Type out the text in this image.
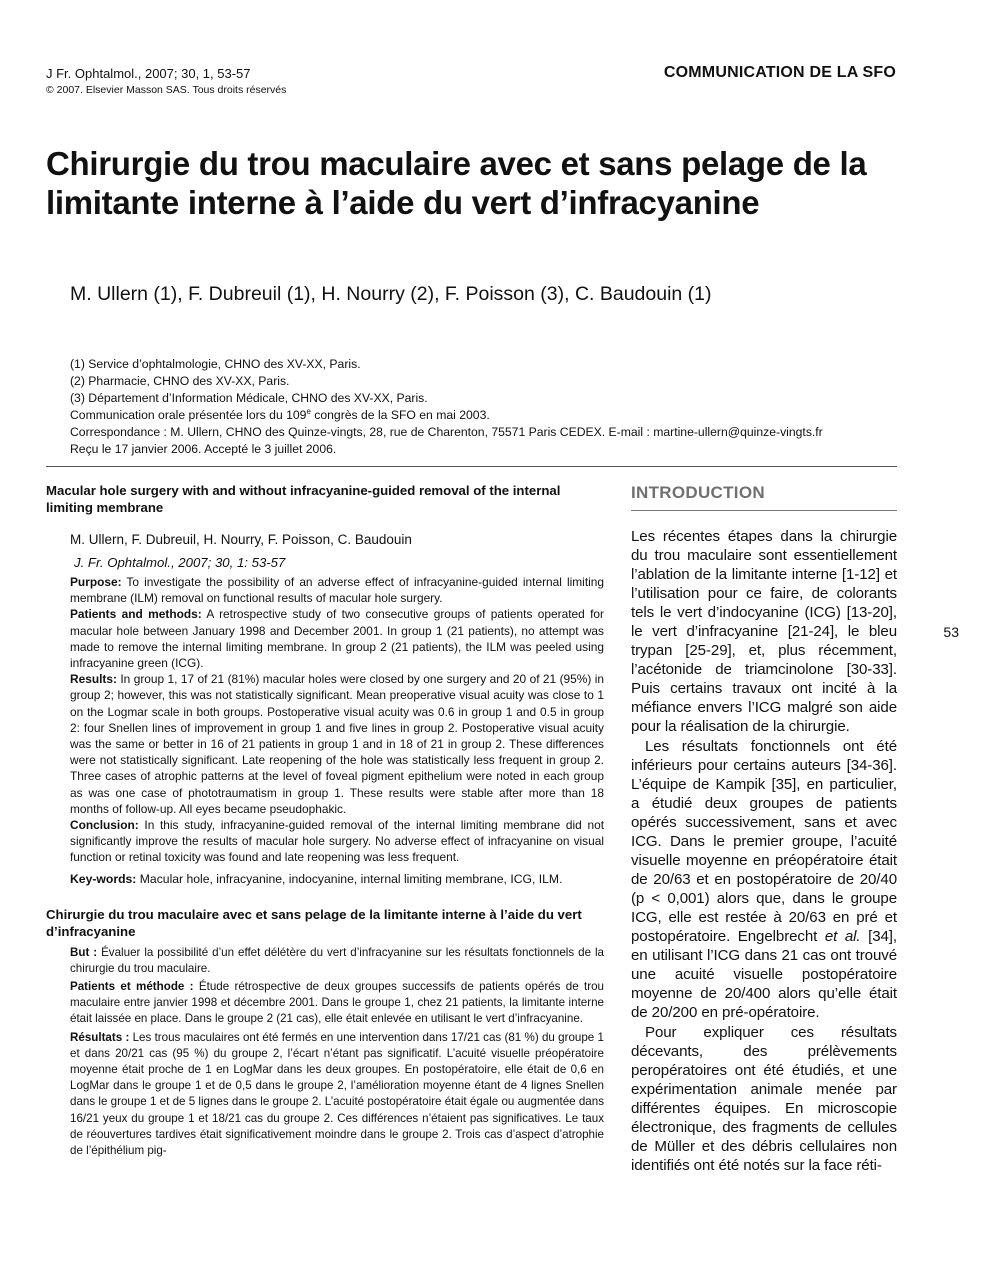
J Fr. Ophtalmol., 2007; 30, 1, 53-57
© 2007. Elsevier Masson SAS. Tous droits réservés
COMMUNICATION DE LA SFO
Chirurgie du trou maculaire avec et sans pelage de la limitante interne à l’aide du vert d’infracyanine
M. Ullern (1), F. Dubreuil (1), H. Nourry (2), F. Poisson (3), C. Baudouin (1)
(1) Service d’ophtalmologie, CHNO des XV-XX, Paris.
(2) Pharmacie, CHNO des XV-XX, Paris.
(3) Département d’Information Médicale, CHNO des XV-XX, Paris.
Communication orale présentée lors du 109e congrès de la SFO en mai 2003.
Correspondance : M. Ullern, CHNO des Quinze-vingts, 28, rue de Charenton, 75571 Paris CEDEX. E-mail : martine-ullern@quinze-vingts.fr
Reçu le 17 janvier 2006. Accepté le 3 juillet 2006.
Macular hole surgery with and without infracyanine-guided removal of the internal limiting membrane
M. Ullern, F. Dubreuil, H. Nourry, F. Poisson, C. Baudouin
J. Fr. Ophtalmol., 2007; 30, 1: 53-57

Purpose: To investigate the possibility of an adverse effect of infracyanine-guided internal limiting membrane (ILM) removal on functional results of macular hole surgery.

Patients and methods: A retrospective study of two consecutive groups of patients operated for macular hole between January 1998 and December 2001. In group 1 (21 patients), no attempt was made to remove the internal limiting membrane. In group 2 (21 patients), the ILM was peeled using infracyanine green (ICG).

Results: In group 1, 17 of 21 (81%) macular holes were closed by one surgery and 20 of 21 (95%) in group 2; however, this was not statistically significant. Mean preoperative visual acuity was close to 1 on the Logmar scale in both groups. Postoperative visual acuity was 0.6 in group 1 and 0.5 in group 2: four Snellen lines of improvement in group 1 and five lines in group 2. Postoperative visual acuity was the same or better in 16 of 21 patients in group 1 and in 18 of 21 in group 2. These differences were not statistically significant. Late reopening of the hole was statistically less frequent in group 2. Three cases of atrophic patterns at the level of foveal pigment epithelium were noted in each group as was one case of phototraumatism in group 1. These results were stable after more than 18 months of follow-up. All eyes became pseudophakic.

Conclusion: In this study, infracyanine-guided removal of the internal limiting membrane did not significantly improve the results of macular hole surgery. No adverse effect of infracyanine on visual function or retinal toxicity was found and late reopening was less frequent.

Key-words: Macular hole, infracyanine, indocyanine, internal limiting membrane, ICG, ILM.
Chirurgie du trou maculaire avec et sans pelage de la limitante interne à l’aide du vert d’infracyanine

But : Évaluer la possibilité d’un effet délétère du vert d’infracyanine sur les résultats fonctionnels de la chirurgie du trou maculaire.

Patients et méthode : Étude rétrospective de deux groupes successifs de patients opérés de trou maculaire entre janvier 1998 et décembre 2001. Dans le groupe 1, chez 21 patients, la limitante interne était laissée en place. Dans le groupe 2 (21 cas), elle était enlevée en utilisant le vert d’infracyanine.

Résultats : Les trous maculaires ont été fermés en une intervention dans 17/21 cas (81 %) du groupe 1 et dans 20/21 cas (95 %) du groupe 2, l’écart n’étant pas significatif. L’acuité visuelle préopératoire moyenne était proche de 1 en LogMar dans les deux groupes. En postopératoire, elle était de 0,6 en LogMar dans le groupe 1 et de 0,5 dans le groupe 2, l’amélioration moyenne étant de 4 lignes Snellen dans le groupe 1 et de 5 lignes dans le groupe 2. L’acuité postopératoire était égale ou augmentée dans 16/21 yeux du groupe 1 et 18/21 cas du groupe 2. Ces différences n’étaient pas significatives. Le taux de réouvertures tardives était significativement moindre dans le groupe 2. Trois cas d’aspect d’atrophie de l’épithélium pig-

INTRODUCTION

Les récentes étapes dans la chirurgie du trou maculaire sont essentiellement l’ablation de la limitante interne [1-12] et l’utilisation pour ce faire, de colorants tels le vert d’indocyanine (ICG) [13-20], le vert d’infracyanine [21-24], le bleu trypan [25-29], et, plus récemment, l’acétonide de triamcinolone [30-33]. Puis certains travaux ont incité à la méfiance envers l’ICG malgré son aide pour la réalisation de la chirurgie.

Les résultats fonctionnels ont été inférieurs pour certains auteurs [34-36]. L’équipe de Kampik [35], en particulier, a étudié deux groupes de patients opérés successivement, sans et avec ICG. Dans le premier groupe, l’acuité visuelle moyenne en préopératoire était de 20/63 et en postopératoire de 20/40 (p < 0,001) alors que, dans le groupe ICG, elle est restée à 20/63 en pré et postopératoire. Engelbrecht et al. [34], en utilisant l’ICG dans 21 cas ont trouvé une acuité visuelle postopératoire moyenne de 20/400 alors qu’elle était de 20/200 en pré-opératoire.

Pour expliquer ces résultats décevants, des prélèvements peropératoires ont été étudiés, et une expérimentation animale menée par différentes équipes. En microscopie électronique, des fragments de cellules de Müller et des débris cellulaires non identifiés ont été notés sur la face réti-

53
